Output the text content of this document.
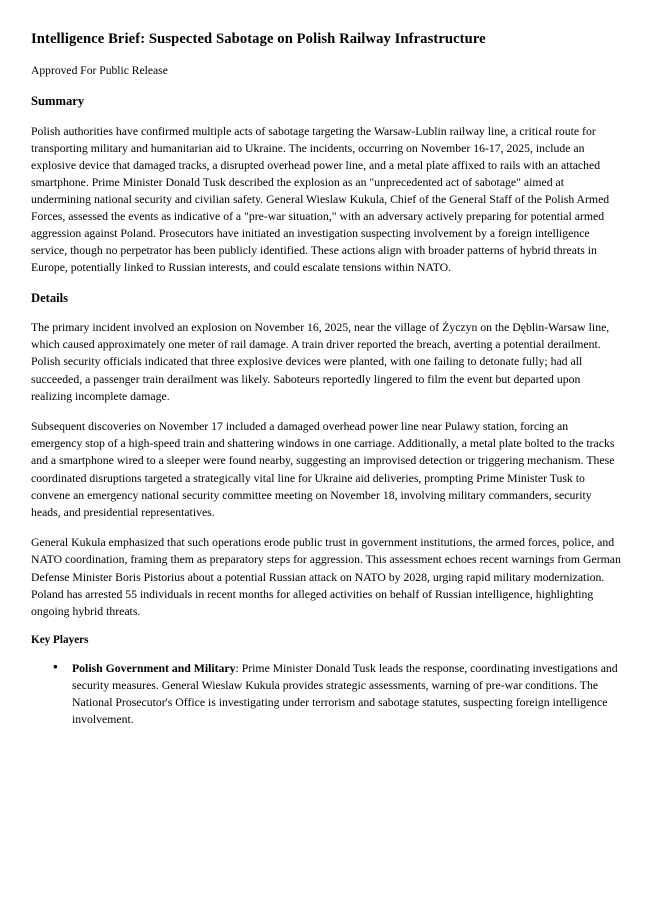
Intelligence Brief: Suspected Sabotage on Polish Railway Infrastructure

Approved For Public Release

Summary

Polish authorities have confirmed multiple acts of sabotage targeting the Warsaw-Lublin railway line, a critical route for transporting military and humanitarian aid to Ukraine. The incidents, occurring on November 16-17, 2025, include an explosive device that damaged tracks, a disrupted overhead power line, and a metal plate affixed to rails with an attached smartphone. Prime Minister Donald Tusk described the explosion as an "unprecedented act of sabotage" aimed at undermining national security and civilian safety. General Wieslaw Kukula, Chief of the General Staff of the Polish Armed Forces, assessed the events as indicative of a "pre-war situation," with an adversary actively preparing for potential armed aggression against Poland. Prosecutors have initiated an investigation suspecting involvement by a foreign intelligence service, though no perpetrator has been publicly identified. These actions align with broader patterns of hybrid threats in Europe, potentially linked to Russian interests, and could escalate tensions within NATO.

Details

The primary incident involved an explosion on November 16, 2025, near the village of Życzyn on the Dęblin-Warsaw line, which caused approximately one meter of rail damage. A train driver reported the breach, averting a potential derailment. Polish security officials indicated that three explosive devices were planted, with one failing to detonate fully; had all succeeded, a passenger train derailment was likely. Saboteurs reportedly lingered to film the event but departed upon realizing incomplete damage.

Subsequent discoveries on November 17 included a damaged overhead power line near Pulawy station, forcing an emergency stop of a high-speed train and shattering windows in one carriage. Additionally, a metal plate bolted to the tracks and a smartphone wired to a sleeper were found nearby, suggesting an improvised detection or triggering mechanism. These coordinated disruptions targeted a strategically vital line for Ukraine aid deliveries, prompting Prime Minister Tusk to convene an emergency national security committee meeting on November 18, involving military commanders, security heads, and presidential representatives.

General Kukula emphasized that such operations erode public trust in government institutions, the armed forces, police, and NATO coordination, framing them as preparatory steps for aggression. This assessment echoes recent warnings from German Defense Minister Boris Pistorius about a potential Russian attack on NATO by 2028, urging rapid military modernization. Poland has arrested 55 individuals in recent months for alleged activities on behalf of Russian intelligence, highlighting ongoing hybrid threats.

Key Players
● Polish Government and Military: Prime Minister Donald Tusk leads the response, coordinating investigations and security measures. General Wieslaw Kukula provides strategic assessments, warning of pre-war conditions. The National Prosecutor's Office is investigating under terrorism and sabotage statutes, suspecting foreign intelligence involvement.
